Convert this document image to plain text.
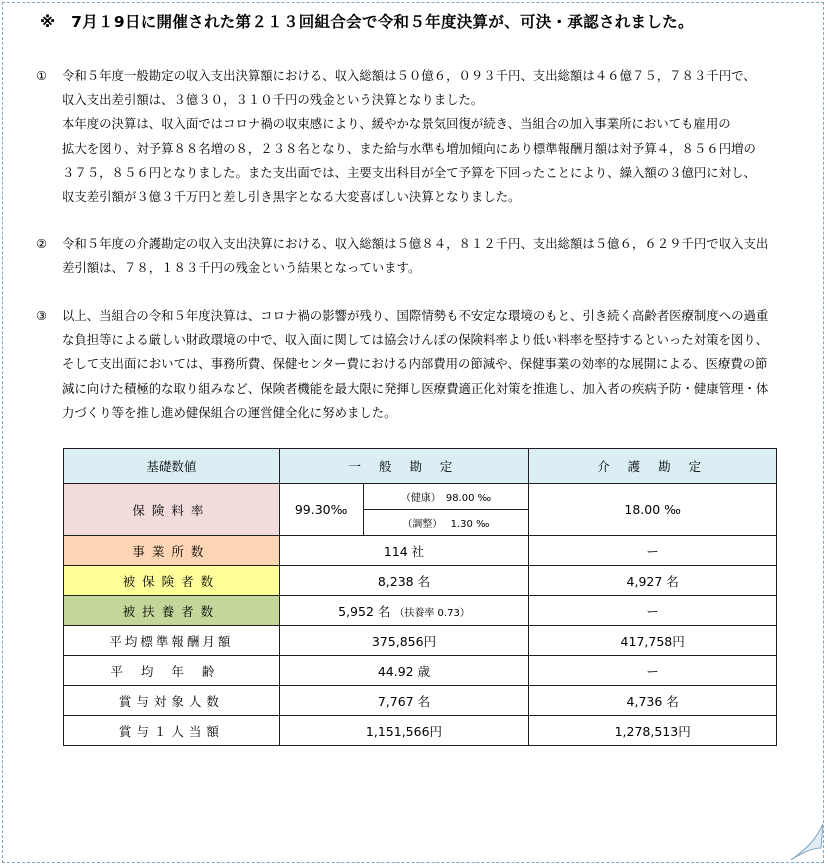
※　7月１9日に開催された第２１３回組合会で令和５年度決算が、可決・承認されました。
①	令和５年度一般勘定の収入支出決算額における、収入総額は５０億６，０９３千円、支出総額は４６億７５，７８３千円で、

収入支出差引額は、３億３０，３１０千円の残金という決算となりました。

本年度の決算は、収入面ではコロナ禍の収束感により、緩やかな景気回復が続き、当組合の加入事業所においても雇用の

拡大を図り、対予算８８名増の８，２３８名となり、また給与水準も増加傾向にあり標準報酬月額は対予算４，８５６円増の

３７５，８５６円となりました。また支出面では、主要支出科目が全て予算を下回ったことにより、繰入額の３億円に対し、

収支差引額が３億３千万円と差し引き黒字となる大変喜ばしい決算となりました。

②	令和５年度の介護勘定の収入支出決算における、収入総額は５億８４，８１２千円、支出総額は５億６，６２９千円で収入支出

差引額は、７８，１８３千円の残金という結果となっています。

③	以上、当組合の令和５年度決算は、コロナ禍の影響が残り、国際情勢も不安定な環境のもと、引き続く高齢者医療制度への過重

な負担等による厳しい財政環境の中で、収入面に関しては協会けんぽの保険料率より低い料率を堅持するといった対策を図り、

そして支出面においては、事務所費、保健センター費における内部費用の節減や、保健事業の効率的な展開による、医療費の節

減に向けた積極的な取り組みなど、保険者機能を最大限に発揮し医療費適正化対策を推進し、加入者の疾病予防・健康管理・体

力づくり等を推し進め健保組合の運営健全化に努めました。

基礎数値	一 般 勘 定		介 護 勘 定
保険料率	99.30‰	（健康）　98.00 ‰	18.00 ‰
		（調整）　 1.30 ‰	
事業所数	114 社		ー
被保険者数	8,238 名		4,927 名
被扶養者数	5,952 名 （扶養率 0.73）		ー
平均標準報酬月額	375,856円		417,758円
平均年齢	44.92 歳		ー
賞与対象人数	7,767 名		4,736 名
賞与１人当額	1,151,566円		1,278,513円
